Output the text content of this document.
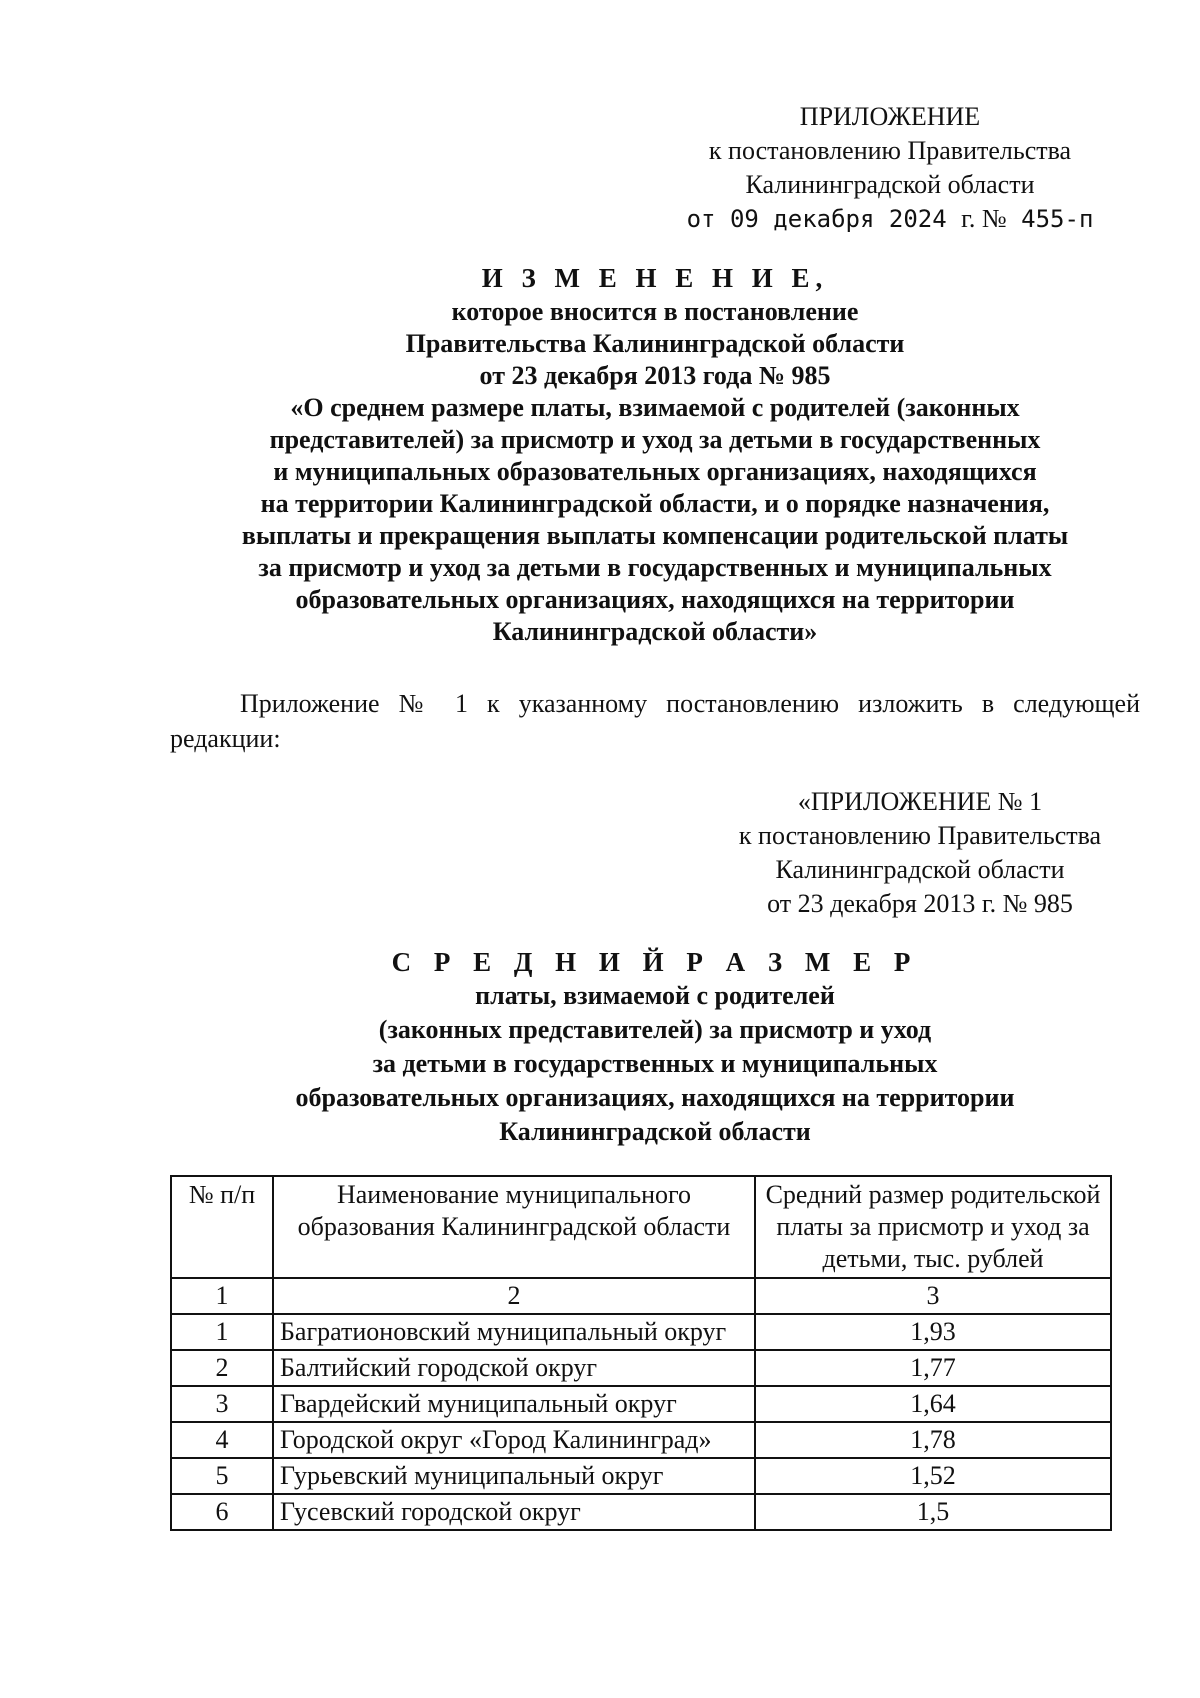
ПРИЛОЖЕНИЕ
к постановлению Правительства
Калининградской области
от 09 декабря 2024 г. № 455-п
И З М Е Н Е Н И Е,
которое вносится в постановление
Правительства Калининградской области
от 23 декабря 2013 года № 985
«О среднем размере платы, взимаемой с родителей (законных
представителей) за присмотр и уход за детьми в государственных
и муниципальных образовательных организациях, находящихся
на территории Калининградской области, и о порядке назначения,
выплаты и прекращения выплаты компенсации родительской платы
за присмотр и уход за детьми в государственных и муниципальных
образовательных организациях, находящихся на территории
Калининградской области»
Приложение № 1 к указанному постановлению изложить в следующей редакции:
«ПРИЛОЖЕНИЕ № 1
к постановлению Правительства
Калининградской области
от 23 декабря 2013 г. № 985
С Р Е Д Н И Й Р А З М Е Р
платы, взимаемой с родителей
(законных представителей) за присмотр и уход
за детьми в государственных и муниципальных
образовательных организациях, находящихся на территории
Калининградской области
№ п/п	Наименование муниципального образования Калининградской области	Средний размер родительской платы за присмотр и уход за детьми, тыс. рублей
1	2	3
1	Багратионовский муниципальный округ	1,93
2	Балтийский городской округ	1,77
3	Гвардейский муниципальный округ	1,64
4	Городской округ «Город Калининград»	1,78
5	Гурьевский муниципальный округ	1,52
6	Гусевский городской округ	1,5
